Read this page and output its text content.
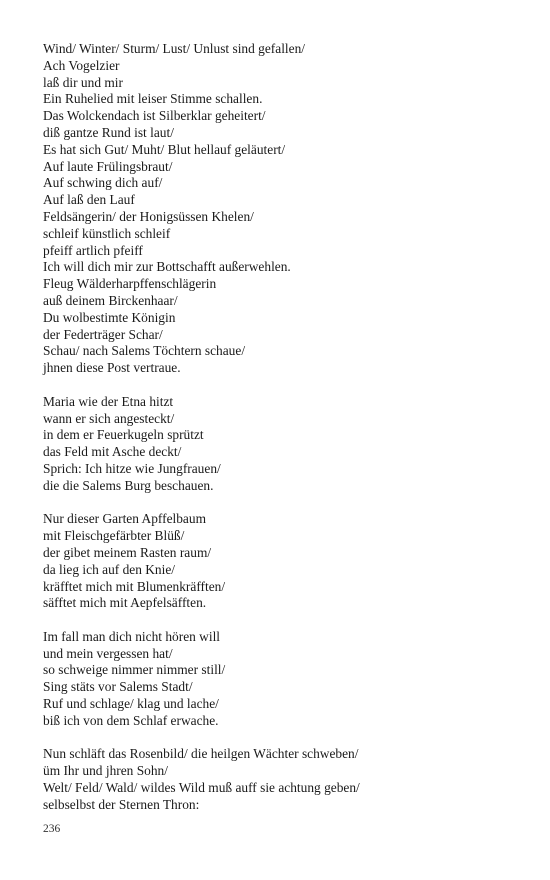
Wind/ Winter/ Sturm/ Lust/ Unlust sind gefallen/
Ach Vogelzier
laß dir und mir
Ein Ruhelied mit leiser Stimme schallen.
Das Wolckendach ist Silberklar geheitert/
diß gantze Rund ist laut/
Es hat sich Gut/ Muht/ Blut hellauf geläutert/
Auf laute Frülingsbraut/
Auf schwing dich auf/
Auf laß den Lauf
Feldsängerin/ der Honigsüssen Khelen/
schleif künstlich schleif
pfeiff artlich pfeiff
Ich will dich mir zur Bottschafft außerwehlen.
Fleug Wälderharpffenschlägerin
auß deinem Birckenhaar/
Du wolbestimte Königin
der Federträger Schar/
Schau/ nach Salems Töchtern schaue/
jhnen diese Post vertraue.
Maria wie der Etna hitzt
wann er sich angesteckt/
in dem er Feuerkugeln sprützt
das Feld mit Asche deckt/
Sprich: Ich hitze wie Jungfrauen/
die die Salems Burg beschauen.
Nur dieser Garten Apffelbaum
mit Fleischgefärbter Blüß/
der gibet meinem Rasten raum/
da lieg ich auf den Knie/
kräfftet mich mit Blumenkräfften/
säfftet mich mit Aepfelsäfften.
Im fall man dich nicht hören will
und mein vergessen hat/
so schweige nimmer nimmer still/
Sing stäts vor Salems Stadt/
Ruf und schlage/ klag und lache/
biß ich von dem Schlaf erwache.
Nun schläft das Rosenbild/ die heilgen Wächter schweben/
üm Ihr und jhren Sohn/
Welt/ Feld/ Wald/ wildes Wild muß auff sie achtung geben/
selbselbst der Sternen Thron:
236
